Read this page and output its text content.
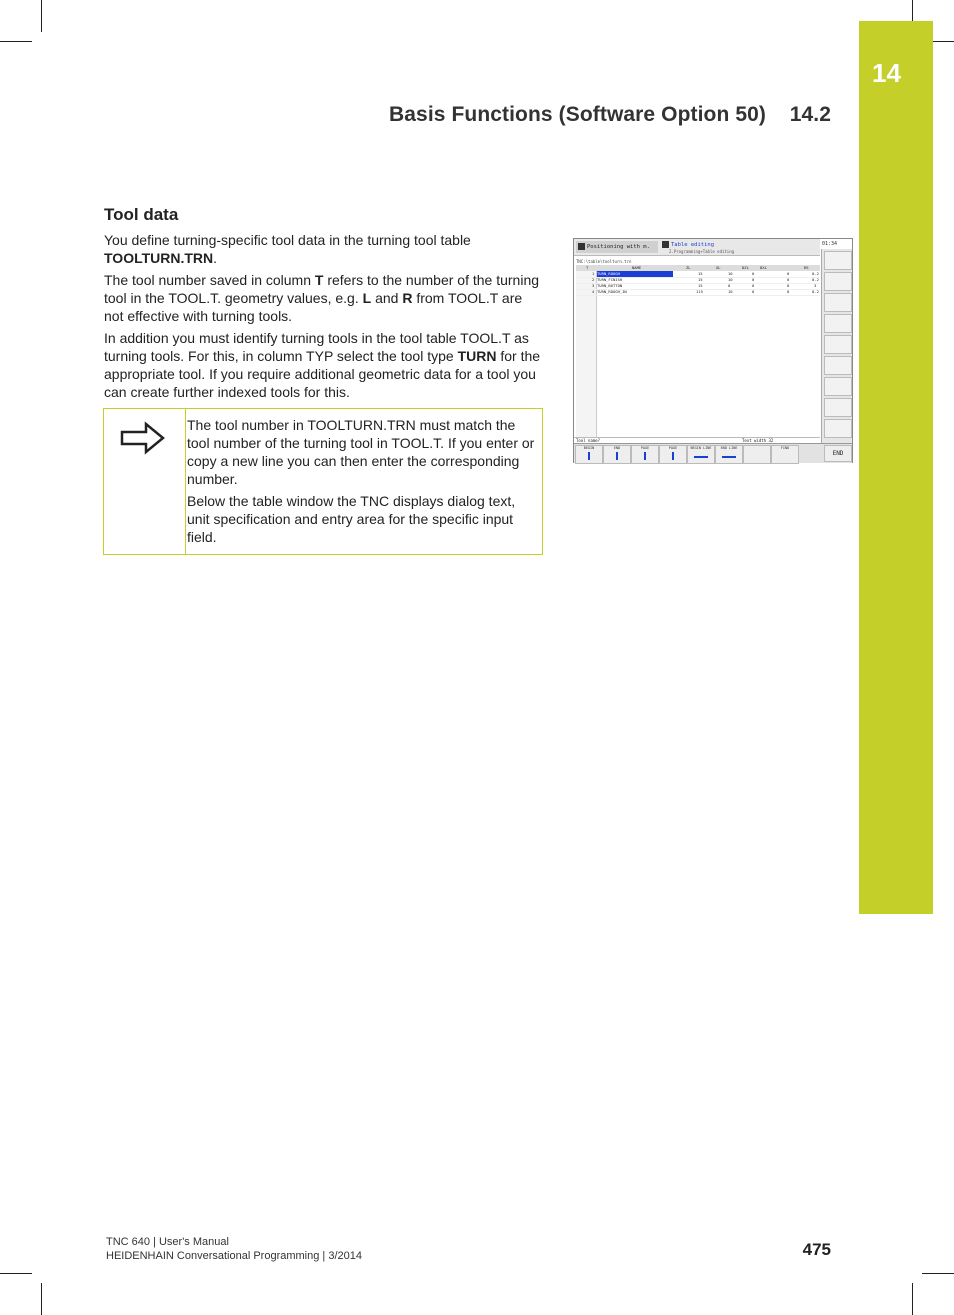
14
Basis Functions (Software Option 50)    14.2
Tool data

You define turning-specific tool data in the turning tool table TOOLTURN.TRN.

The tool number saved in column T refers to the number of the turning tool in the TOOL.T. geometry values, e.g. L and R from TOOL.T are not effective with turning tools.

In addition you must identify turning tools in the tool table TOOL.T as turning tools. For this, in column TYP select the tool type TURN for the appropriate tool. If you require additional geometric data for a tool you can create further indexed tools for this.

The tool number in TOOLTURN.TRN must match the tool number of the turning tool in TOOL.T. If you enter or copy a new line you can then enter the corresponding number.

Below the table window the TNC displays dialog text, unit specification and entry area for the specific input field.

Positioning with m.	Table editing
2.Programming+Table editing
01:34
TNC:\table\toolturn.trn
T	NAME	ZL	XL	DZL	DXL	RS
1 TURN_ROUGH	15	10	0	0	0.2
2 TURN_FINISH	15	10	0	0	0.2
3 TURN_BUTTON	15	0	0	0	3
4 TURN_ROUGH_IN	115	10	0	0	0.2
Tool name?	Text width 32
BEGIN	END	PAGE	PAGE	BEGIN LINE	END LINE	FIND
END
TNC 640 | User's Manual
HEIDENHAIN Conversational Programming | 3/2014	475
